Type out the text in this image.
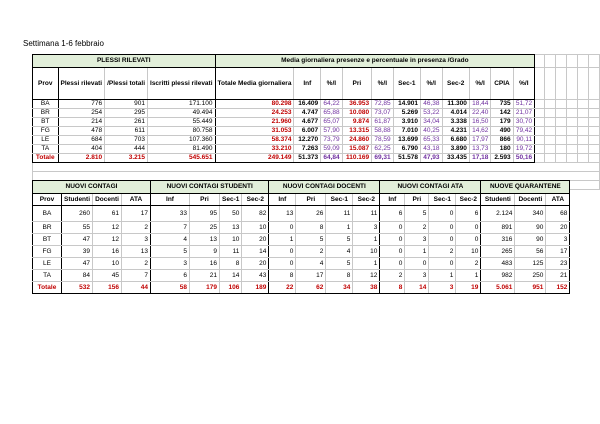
Settimana 1-6 febbraio
PLESSI RILEVATI				Media giornaliera presenze e percentuale in presenza /Grado																
Prov	Plessi rilevati	/Plessi totali	Iscritti plessi rilevati	Totale Media giornaliera	Inf	%/I	Pri	%/I	Sec-1	%/I	Sec-2	%/I	CPIA	%/I						
BA	776	901	171.100	80.298	16.409	64,22	36.953	72,85	14.901	46,38	11.300	18,44	735	51,72						
BR	254	295	49.494	24.253	4.747	65,88	10.080	73,07	5.269	53,22	4.014	22,40	142	21,07						
BT	214	261	55.449	21.960	4.677	65,07	9.874	61,87	3.910	34,04	3.338	16,50	179	30,70						
FG	478	611	80.758	31.053	6.007	57,90	13.315	58,88	7.010	40,25	4.231	14,62	490	79,42						
LE	684	703	107.360	58.374	12.270	73,79	24.860	78,59	13.699	65,33	6.680	17,97	866	90,11						
TA	404	444	81.490	33.210	7.263	59,09	15.087	62,25	6.790	43,18	3.890	13,73	180	19,72						
Totale	2.810	3.215	545.651	249.149	51.373	64,84	110.169	69,31	51.578	47,93	33.435	17,18	2.593	50,16						

NUOVI CONTAGI				NUOVI CONTAGI STUDENTI				NUOVI CONTAGI DOCENTI				NUOVI CONTAGI ATA				NUOVE QUARANTENE		
Prov	Studenti	Docenti	ATA	Inf	Pri	Sec-1	Sec-2	Inf	Pri	Sec-1	Sec-2	Inf	Pri	Sec-1	Sec-2	Studenti	Docenti	ATA
BA	260	61	17	33	95	50	82	13	26	11	11	6	5	0	6	2.124	340	68
BR	55	12	2	7	25	13	10	0	8	1	3	0	2	0	0	891	90	20
BT	47	12	3	4	13	10	20	1	5	5	1	0	3	0	0	316	90	3
FG	39	16	13	5	9	11	14	0	2	4	10	0	1	2	10	265	56	17
LE	47	10	2	3	16	8	20	0	4	5	1	0	0	0	2	483	125	23
TA	84	45	7	6	21	14	43	8	17	8	12	2	3	1	1	982	250	21
Totale	532	156	44	58	179	106	189	22	62	34	38	8	14	3	19	5.061	951	152
